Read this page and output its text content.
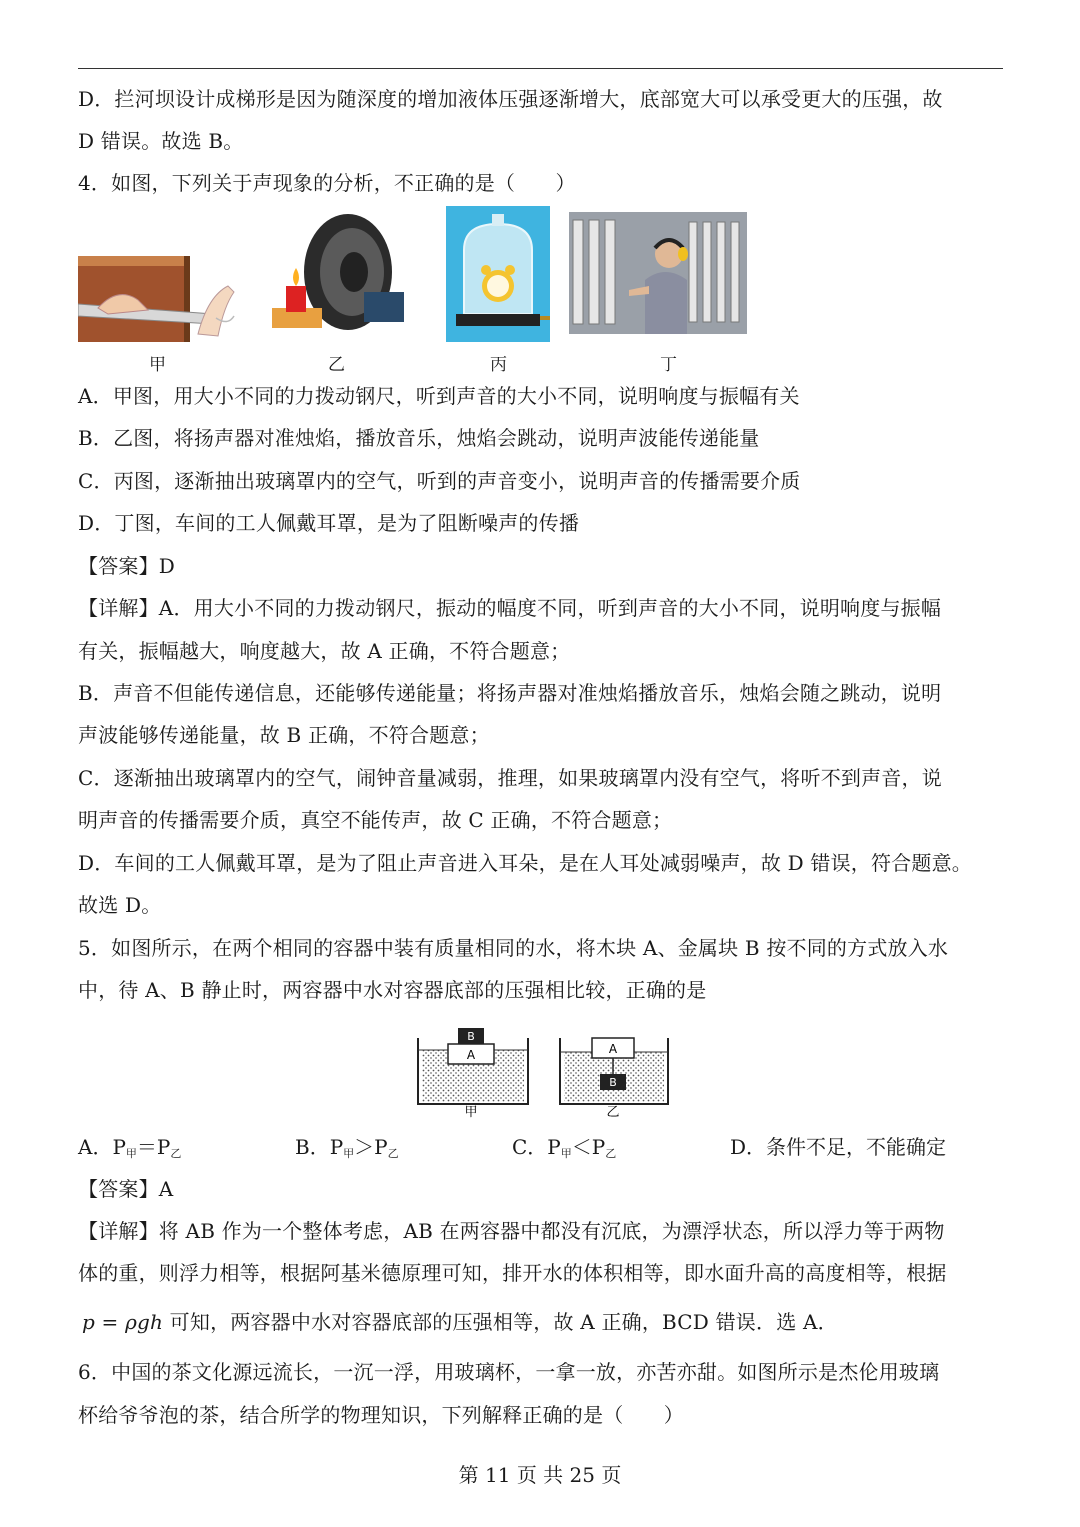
D．拦河坝设计成梯形是因为随深度的增加液体压强逐渐增大，底部宽大可以承受更大的压强，故
D 错误。故选 B。
4．如图，下列关于声现象的分析，不正确的是（　　）
甲	乙	丙	丁
A．甲图，用大小不同的力拨动钢尺，听到声音的大小不同，说明响度与振幅有关
B．乙图，将扬声器对准烛焰，播放音乐，烛焰会跳动，说明声波能传递能量
C．丙图，逐渐抽出玻璃罩内的空气，听到的声音变小，说明声音的传播需要介质
D．丁图，车间的工人佩戴耳罩，是为了阻断噪声的传播
【答案】D
【详解】A．用大小不同的力拨动钢尺，振动的幅度不同，听到声音的大小不同，说明响度与振幅
有关，振幅越大，响度越大，故 A 正确，不符合题意；
B．声音不但能传递信息，还能够传递能量；将扬声器对准烛焰播放音乐，烛焰会随之跳动，说明
声波能够传递能量，故 B 正确，不符合题意；
C．逐渐抽出玻璃罩内的空气，闹钟音量减弱，推理，如果玻璃罩内没有空气，将听不到声音，说
明声音的传播需要介质，真空不能传声，故 C 正确，不符合题意；
D．车间的工人佩戴耳罩，是为了阻止声音进入耳朵，是在人耳处减弱噪声，故 D 错误，符合题意。
故选 D。
5．如图所示，在两个相同的容器中装有质量相同的水，将木块 A、金属块 B 按不同的方式放入水
中，待 A、B 静止时，两容器中水对容器底部的压强相比较，正确的是
A
B
甲
A
B
乙
A．$P_甲=P_乙$	B．$P_甲>P_乙$	C．$P_甲<P_乙$	D．条件不足，不能确定
【答案】A
【详解】将 AB 作为一个整体考虑，AB 在两容器中都没有沉底，为漂浮状态，所以浮力等于两物
体的重，则浮力相等，根据阿基米德原理可知，排开水的体积相等，即水面升高的高度相等，根据
p = ρgh 可知，两容器中水对容器底部的压强相等，故 A 正确，BCD 错误．选 A．
6．中国的茶文化源远流长，一沉一浮，用玻璃杯，一拿一放，亦苦亦甜。如图所示是杰伦用玻璃
杯给爷爷泡的茶，结合所学的物理知识，下列解释正确的是（　　）
第 11 页 共 25 页
